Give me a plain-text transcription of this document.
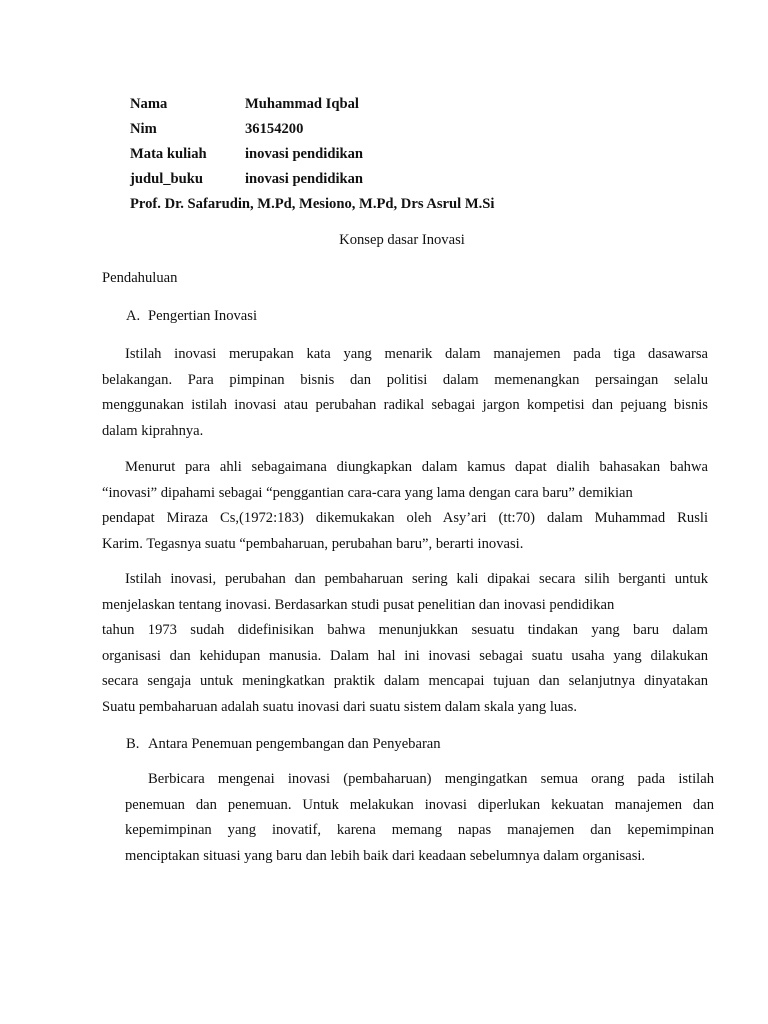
Nama	Muhammad Iqbal
Nim	36154200
Mata kuliah	inovasi pendidikan
judul_buku	inovasi pendidikan
Prof. Dr. Safarudin, M.Pd, Mesiono, M.Pd, Drs Asrul M.Si
Konsep dasar Inovasi
Pendahuluan
A. Pengertian Inovasi
Istilah inovasi merupakan kata yang menarik dalam manajemen pada tiga dasawarsa
belakangan. Para pimpinan bisnis dan politisi dalam memenangkan persaingan selalu
menggunakan istilah inovasi atau perubahan radikal sebagai jargon kompetisi dan pejuang bisnis
dalam kiprahnya.
Menurut para ahli sebagaimana diungkapkan dalam kamus dapat dialih bahasakan bahwa
“inovasi” dipahami sebagai “penggantian cara-cara yang lama dengan cara baru” demikian
pendapat Miraza Cs,(1972:183) dikemukakan oleh Asy’ari (tt:70) dalam Muhammad Rusli
Karim. Tegasnya suatu “pembaharuan, perubahan baru”, berarti inovasi.
Istilah inovasi, perubahan dan pembaharuan sering kali dipakai secara silih berganti untuk
menjelaskan tentang inovasi. Berdasarkan studi pusat penelitian dan inovasi pendidikan
tahun 1973 sudah didefinisikan bahwa menunjukkan sesuatu tindakan yang baru dalam
organisasi dan kehidupan manusia. Dalam hal ini inovasi sebagai suatu usaha yang dilakukan
secara sengaja untuk meningkatkan praktik dalam mencapai tujuan dan selanjutnya dinyatakan
Suatu pembaharuan adalah suatu inovasi dari suatu sistem dalam skala yang luas.
B. Antara Penemuan pengembangan dan Penyebaran
Berbicara mengenai inovasi (pembaharuan) mengingatkan semua orang pada istilah
penemuan dan penemuan. Untuk melakukan inovasi diperlukan kekuatan manajemen dan
kepemimpinan yang inovatif, karena memang napas manajemen dan kepemimpinan
menciptakan situasi yang baru dan lebih baik dari keadaan sebelumnya dalam organisasi.
